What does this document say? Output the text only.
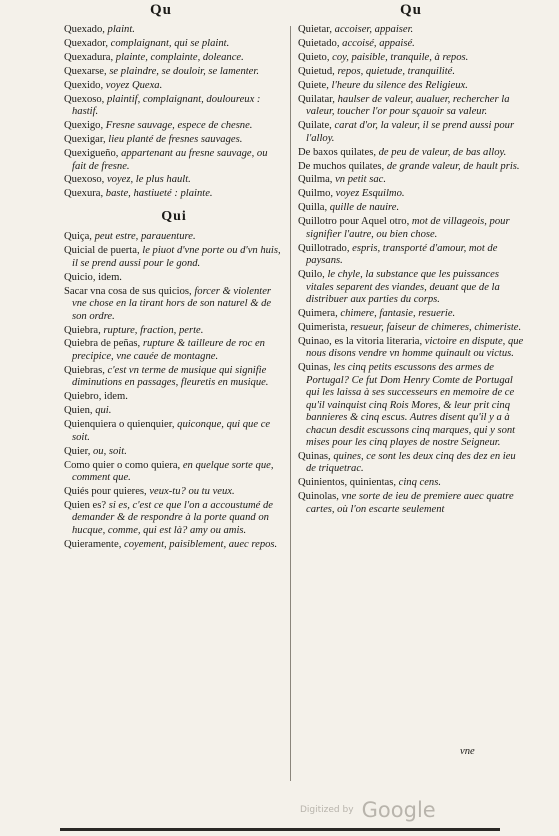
Qu	Qu
Quexado, plaint.
Quexador, complaignant, qui se plaint.
Quexadura, plainte, complainte, doleance.
Quexarse, se plaindre, se douloir, se lamenter.
Quexido, voyez Quexa.
Quexoso, plaintif, complaignant, douloureux : hastif.
Quexigo, Fresne sauvage, espece de chesne.
Quexigar, lieu planté de fresnes sauvages.
Quexigueño, appartenant au fresne sauvage, ou fait de fresne.
Quexoso, voyez, le plus hault.
Quexura, baste, hastiueté : plainte.
Qui
Quiça, peut estre, parauenture.
Quicial de puerta, le piuot d'vne porte ou d'vn huis, il se prend aussi pour le gond.
Quicio, idem.
Sacar vna cosa de sus quicios, forcer & violenter vne chose en la tirant hors de son naturel & de son ordre.
Quiebra, rupture, fraction, perte.
Quiebra de peñas, rupture & tailleure de roc en precipice, vne cauée de montagne.
Quiebras, c'est vn terme de musique qui signifie diminutions en passages, fleuretis en musique.
Quiebro, idem.
Quien, qui.
Quienquiera o quienquier, quiconque, qui que ce soit.
Quier, ou, soit.
Como quier o como quiera, en quelque sorte que, comment que.
Quiés pour quieres, veux-tu? ou tu veux.
Quien es? si es, c'est ce que l'on a accoustumé de demander & de respondre à la porte quand on hucque, comme, qui est là? amy ou amis.
Quieramente, coyement, paisiblement, auec repos.
Quietar, accoiser, appaiser.
Quietado, accoisé, appaisé.
Quieto, coy, paisible, tranquile, à repos.
Quietud, repos, quietude, tranquilité.
Quiete, l'heure du silence des Religieux.
Quilatar, haulser de valeur, aualuer, rechercher la valeur, toucher l'or pour sçauoir sa valeur.
Quilate, carat d'or, la valeur, il se prend aussi pour l'alloy.
De baxos quilates, de peu de valeur, de bas alloy.
De muchos quilates, de grande valeur, de hault pris.
Quilma, vn petit sac.
Quilmo, voyez Esquilmo.
Quilla, quille de nauire.
Quillotro pour Aquel otro, mot de villageois, pour signifier l'autre, ou bien chose.
Quillotrado, espris, transporté d'amour, mot de paysans.
Quilo, le chyle, la substance que les puissances vitales separent des viandes, deuant que de la distribuer aux parties du corps.
Quimera, chimere, fantasie, resuerie.
Quimerista, resueur, faiseur de chimeres, chimeriste.
Quinao, es la vitoria literaria, victoire en dispute, que nous disons vendre vn homme quinault ou victus.
Quinas, les cinq petits escussons des armes de Portugal? Ce fut Dom Henry Comte de Portugal qui les laissa à ses successeurs en memoire de ce qu'il vainquist cinq Rois Mores, & leur prit cinq bannieres & cinq escus. Autres disent qu'il y a à chacun desdit escussons cinq marques, qui y sont mises pour les cinq playes de nostre Seigneur.
Quinas, quines, ce sont les deux cinq des dez en ieu de triquetrac.
Quinientos, quinientas, cinq cens.
Quinolas, vne sorte de ieu de premiere auec quatre cartes, où l'on escarte seulement
vne
Digitized by Google
